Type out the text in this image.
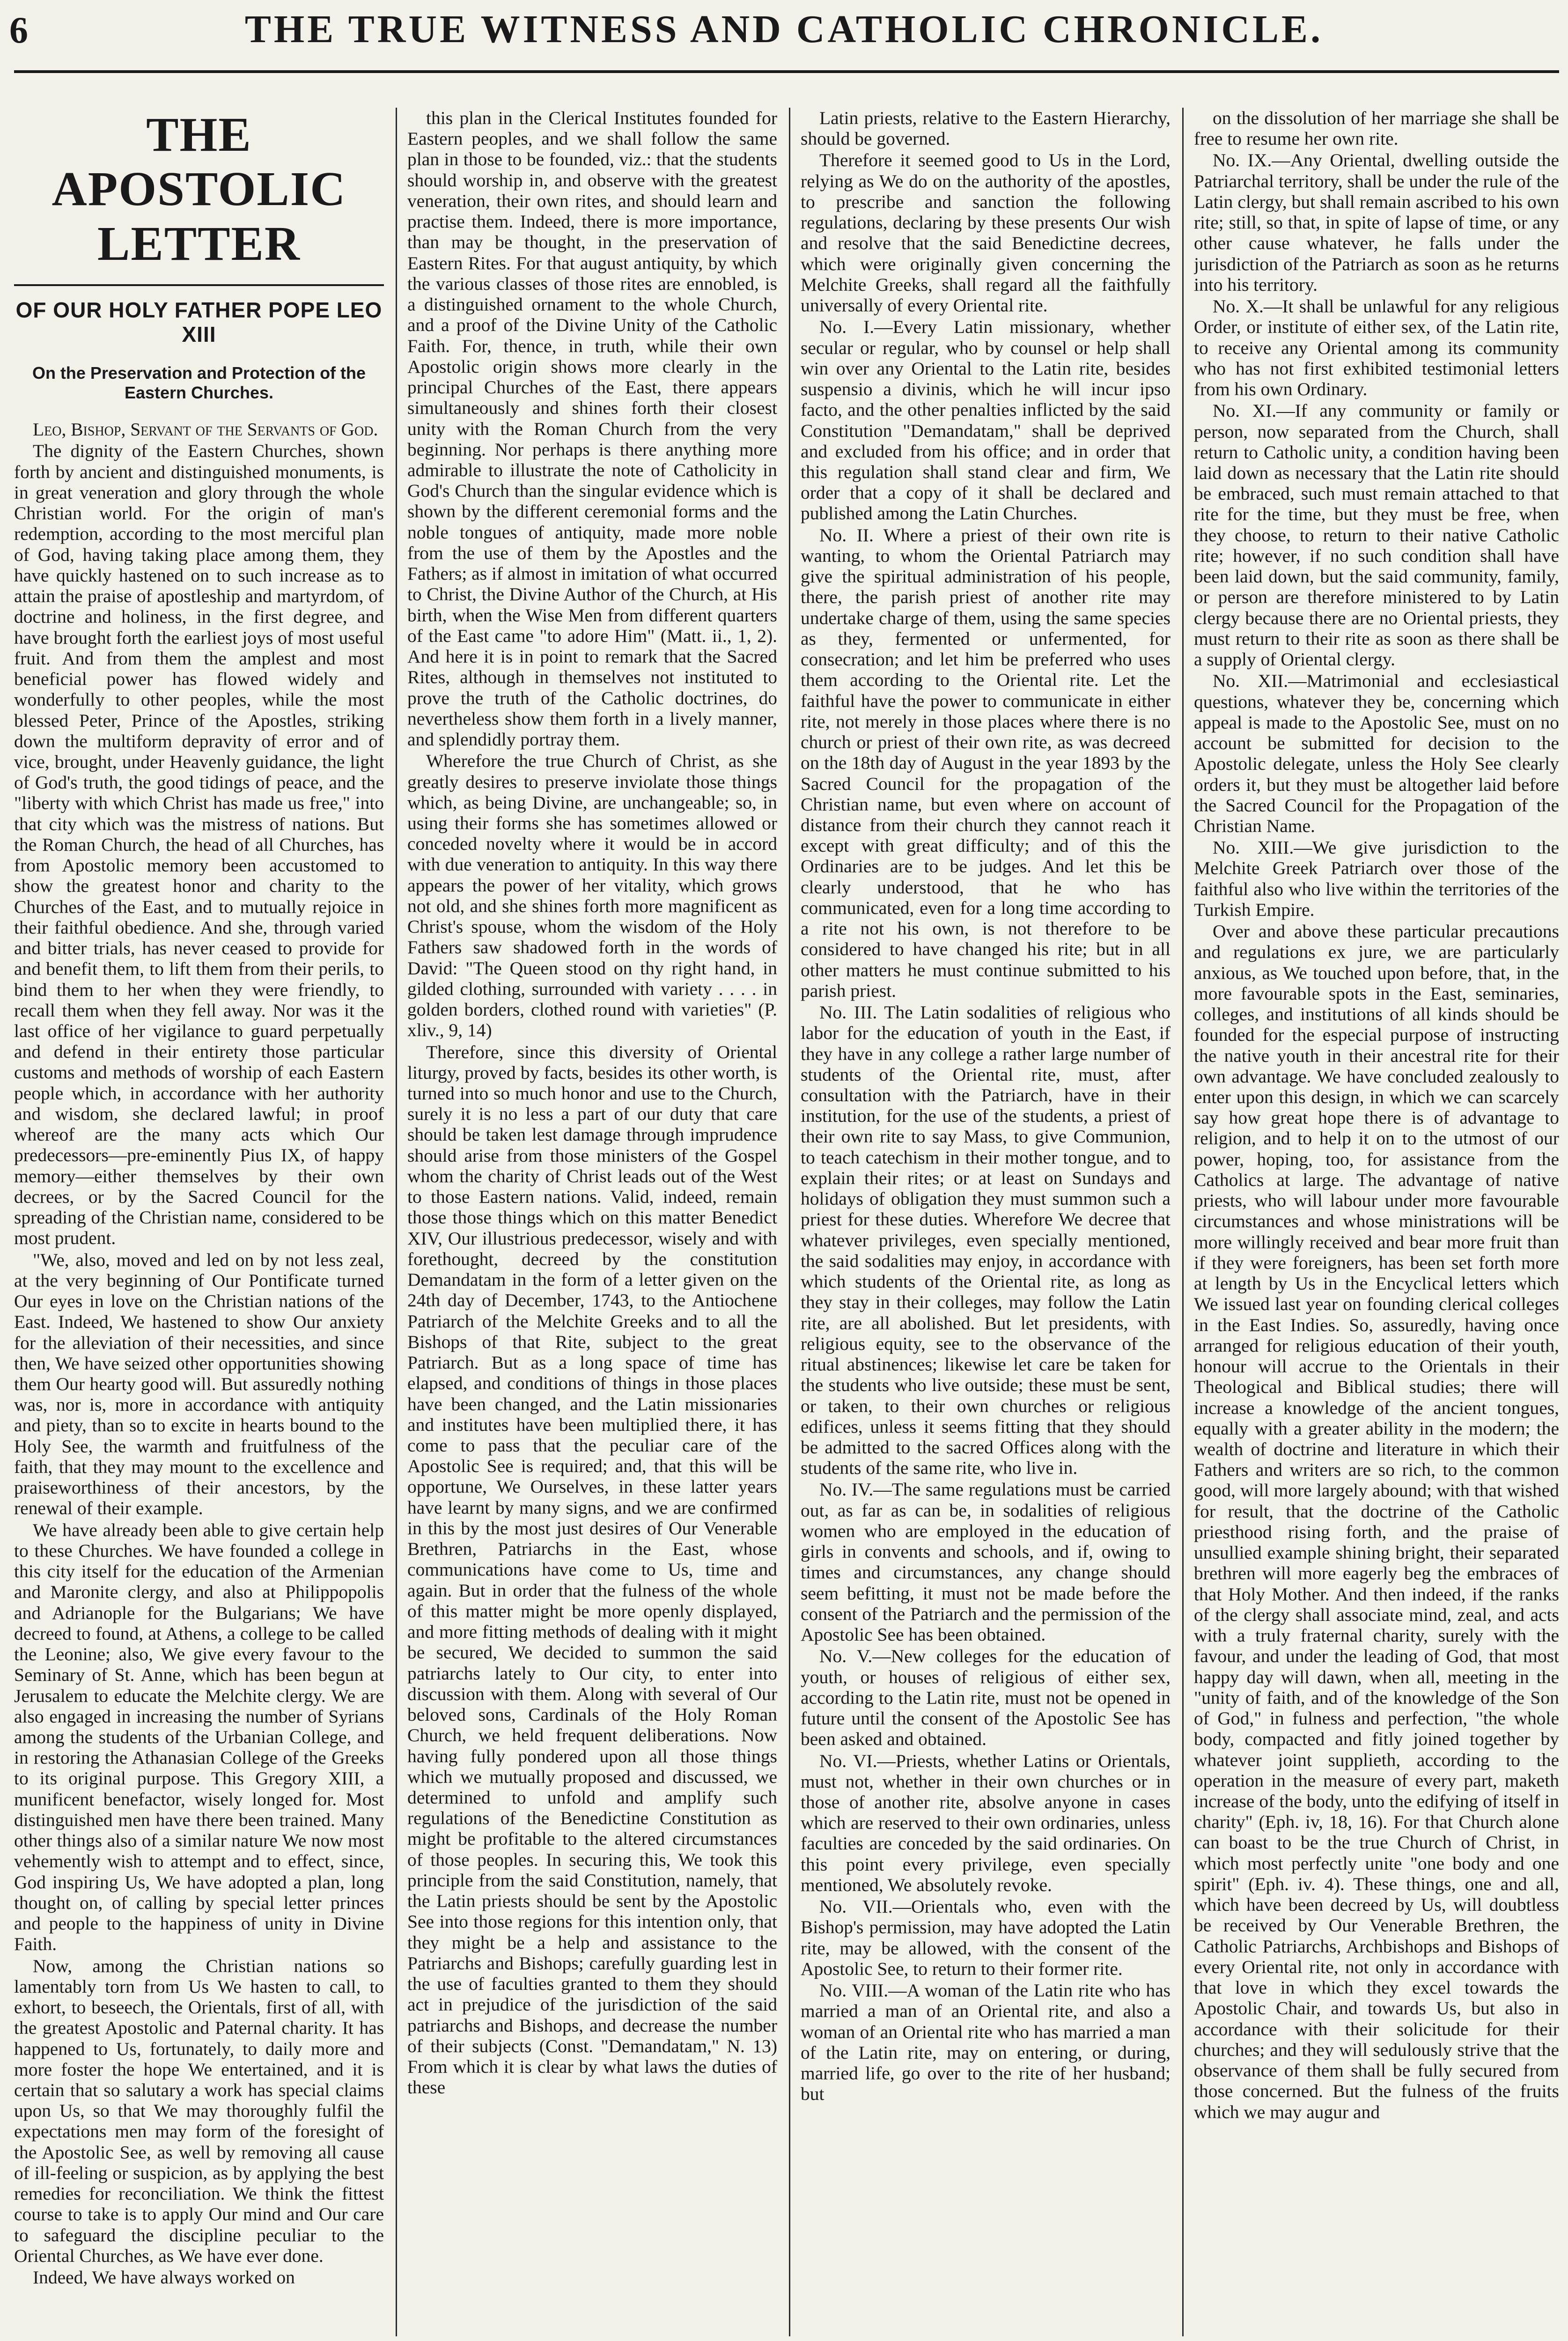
6	THE TRUE WITNESS AND CATHOLIC CHRONICLE.
THE APOSTOLIC LETTER
OF OUR HOLY FATHER POPE LEO XIII
On the Preservation and Protection of the Eastern Churches.

Leo, Bishop, Servant of the Servants of God.

The dignity of the Eastern Churches, shown forth by ancient and distinguished monuments, is in great veneration and glory through the whole Christian world. For the origin of man's redemption, according to the most merciful plan of God, having taking place among them, they have quickly hastened on to such increase as to attain the praise of apostleship and martyrdom, of doctrine and holiness, in the first degree, and have brought forth the earliest joys of most useful fruit. And from them the amplest and most beneficial power has flowed widely and wonderfully to other peoples, while the most blessed Peter, Prince of the Apostles, striking down the multiform depravity of error and of vice, brought, under Heavenly guidance, the light of God's truth, the good tidings of peace, and the "liberty with which Christ has made us free," into that city which was the mistress of nations. But the Roman Church, the head of all Churches, has from Apostolic memory been accustomed to show the greatest honor and charity to the Churches of the East, and to mutually rejoice in their faithful obedience. And she, through varied and bitter trials, has never ceased to provide for and benefit them, to lift them from their perils, to bind them to her when they were friendly, to recall them when they fell away. Nor was it the last office of her vigilance to guard perpetually and defend in their entirety those particular customs and methods of worship of each Eastern people which, in accordance with her authority and wisdom, she declared lawful; in proof whereof are the many acts which Our predecessors—pre-eminently Pius IX, of happy memory—either themselves by their own decrees, or by the Sacred Council for the spreading of the Christian name, considered to be most prudent.

"We, also, moved and led on by not less zeal, at the very beginning of Our Pontificate turned Our eyes in love on the Christian nations of the East. Indeed, We hastened to show Our anxiety for the alleviation of their necessities, and since then, We have seized other opportunities showing them Our hearty good will. But assuredly nothing was, nor is, more in accordance with antiquity and piety, than so to excite in hearts bound to the Holy See, the warmth and fruitfulness of the faith, that they may mount to the excellence and praiseworthiness of their ancestors, by the renewal of their example.

We have already been able to give certain help to these Churches. We have founded a college in this city itself for the education of the Armenian and Maronite clergy, and also at Philippopolis and Adrianople for the Bulgarians; We have decreed to found, at Athens, a college to be called the Leonine; also, We give every favour to the Seminary of St. Anne, which has been begun at Jerusalem to educate the Melchite clergy. We are also engaged in increasing the number of Syrians among the students of the Urbanian College, and in restoring the Athanasian College of the Greeks to its original purpose. This Gregory XIII, a munificent benefactor, wisely longed for. Most distinguished men have there been trained. Many other things also of a similar nature We now most vehemently wish to attempt and to effect, since, God inspiring Us, We have adopted a plan, long thought on, of calling by special letter princes and people to the happiness of unity in Divine Faith.

Now, among the Christian nations so lamentably torn from Us We hasten to call, to exhort, to beseech, the Orientals, first of all, with the greatest Apostolic and Paternal charity. It has happened to Us, fortunately, to daily more and more foster the hope We entertained, and it is certain that so salutary a work has special claims upon Us, so that We may thoroughly fulfil the expectations men may form of the foresight of the Apostolic See, as well by removing all cause of ill-feeling or suspicion, as by applying the best remedies for reconciliation. We think the fittest course to take is to apply Our mind and Our care to safeguard the discipline peculiar to the Oriental Churches, as We have ever done.

Indeed, We have always worked on

this plan in the Clerical Institutes founded for Eastern peoples, and we shall follow the same plan in those to be founded, viz.: that the students should worship in, and observe with the greatest veneration, their own rites, and should learn and practise them. Indeed, there is more importance, than may be thought, in the preservation of Eastern Rites. For that august antiquity, by which the various classes of those rites are ennobled, is a distinguished ornament to the whole Church, and a proof of the Divine Unity of the Catholic Faith. For, thence, in truth, while their own Apostolic origin shows more clearly in the principal Churches of the East, there appears simultaneously and shines forth their closest unity with the Roman Church from the very beginning. Nor perhaps is there anything more admirable to illustrate the note of Catholicity in God's Church than the singular evidence which is shown by the different ceremonial forms and the noble tongues of antiquity, made more noble from the use of them by the Apostles and the Fathers; as if almost in imitation of what occurred to Christ, the Divine Author of the Church, at His birth, when the Wise Men from different quarters of the East came "to adore Him" (Matt. ii., 1, 2). And here it is in point to remark that the Sacred Rites, although in themselves not instituted to prove the truth of the Catholic doctrines, do nevertheless show them forth in a lively manner, and splendidly portray them.

Wherefore the true Church of Christ, as she greatly desires to preserve inviolate those things which, as being Divine, are unchangeable; so, in using their forms she has sometimes allowed or conceded novelty where it would be in accord with due veneration to antiquity. In this way there appears the power of her vitality, which grows not old, and she shines forth more magnificent as Christ's spouse, whom the wisdom of the Holy Fathers saw shadowed forth in the words of David: "The Queen stood on thy right hand, in gilded clothing, surrounded with variety . . . . in golden borders, clothed round with varieties" (P. xliv., 9, 14)

Therefore, since this diversity of Oriental liturgy, proved by facts, besides its other worth, is turned into so much honor and use to the Church, surely it is no less a part of our duty that care should be taken lest damage through imprudence should arise from those ministers of the Gospel whom the charity of Christ leads out of the West to those Eastern nations. Valid, indeed, remain those those things which on this matter Benedict XIV, Our illustrious predecessor, wisely and with forethought, decreed by the constitution Demandatam in the form of a letter given on the 24th day of December, 1743, to the Antiochene Patriarch of the Melchite Greeks and to all the Bishops of that Rite, subject to the great Patriarch. But as a long space of time has elapsed, and conditions of things in those places have been changed, and the Latin missionaries and institutes have been multiplied there, it has come to pass that the peculiar care of the Apostolic See is required; and, that this will be opportune, We Ourselves, in these latter years have learnt by many signs, and we are confirmed in this by the most just desires of Our Venerable Brethren, Patriarchs in the East, whose communications have come to Us, time and again. But in order that the fulness of the whole of this matter might be more openly displayed, and more fitting methods of dealing with it might be secured, We decided to summon the said patriarchs lately to Our city, to enter into discussion with them. Along with several of Our beloved sons, Cardinals of the Holy Roman Church, we held frequent deliberations. Now having fully pondered upon all those things which we mutually proposed and discussed, we determined to unfold and amplify such regulations of the Benedictine Constitution as might be profitable to the altered circumstances of those peoples. In securing this, We took this principle from the said Constitution, namely, that the Latin priests should be sent by the Apostolic See into those regions for this intention only, that they might be a help and assistance to the Patriarchs and Bishops; carefully guarding lest in the use of faculties granted to them they should act in prejudice of the jurisdiction of the said patriarchs and Bishops, and decrease the number of their subjects (Const. "Demandatam," N. 13) From which it is clear by what laws the duties of these

Latin priests, relative to the Eastern Hierarchy, should be governed.

Therefore it seemed good to Us in the Lord, relying as We do on the authority of the apostles, to prescribe and sanction the following regulations, declaring by these presents Our wish and resolve that the said Benedictine decrees, which were originally given concerning the Melchite Greeks, shall regard all the faithfully universally of every Oriental rite.

No. I.—Every Latin missionary, whether secular or regular, who by counsel or help shall win over any Oriental to the Latin rite, besides suspensio a divinis, which he will incur ipso facto, and the other penalties inflicted by the said Constitution "Demandatam," shall be deprived and excluded from his office; and in order that this regulation shall stand clear and firm, We order that a copy of it shall be declared and published among the Latin Churches.

No. II. Where a priest of their own rite is wanting, to whom the Oriental Patriarch may give the spiritual administration of his people, there, the parish priest of another rite may undertake charge of them, using the same species as they, fermented or unfermented, for consecration; and let him be preferred who uses them according to the Oriental rite. Let the faithful have the power to communicate in either rite, not merely in those places where there is no church or priest of their own rite, as was decreed on the 18th day of August in the year 1893 by the Sacred Council for the propagation of the Christian name, but even where on account of distance from their church they cannot reach it except with great difficulty; and of this the Ordinaries are to be judges. And let this be clearly understood, that he who has communicated, even for a long time according to a rite not his own, is not therefore to be considered to have changed his rite; but in all other matters he must continue submitted to his parish priest.

No. III. The Latin sodalities of religious who labor for the education of youth in the East, if they have in any college a rather large number of students of the Oriental rite, must, after consultation with the Patriarch, have in their institution, for the use of the students, a priest of their own rite to say Mass, to give Communion, to teach catechism in their mother tongue, and to explain their rites; or at least on Sundays and holidays of obligation they must summon such a priest for these duties. Wherefore We decree that whatever privileges, even specially mentioned, the said sodalities may enjoy, in accordance with which students of the Oriental rite, as long as they stay in their colleges, may follow the Latin rite, are all abolished. But let presidents, with religious equity, see to the observance of the ritual abstinences; likewise let care be taken for the students who live outside; these must be sent, or taken, to their own churches or religious edifices, unless it seems fitting that they should be admitted to the sacred Offices along with the students of the same rite, who live in.

No. IV.—The same regulations must be carried out, as far as can be, in sodalities of religious women who are employed in the education of girls in convents and schools, and if, owing to times and circumstances, any change should seem befitting, it must not be made before the consent of the Patriarch and the permission of the Apostolic See has been obtained.

No. V.—New colleges for the education of youth, or houses of religious of either sex, according to the Latin rite, must not be opened in future until the consent of the Apostolic See has been asked and obtained.

No. VI.—Priests, whether Latins or Orientals, must not, whether in their own churches or in those of another rite, absolve anyone in cases which are reserved to their own ordinaries, unless faculties are conceded by the said ordinaries. On this point every privilege, even specially mentioned, We absolutely revoke.

No. VII.—Orientals who, even with the Bishop's permission, may have adopted the Latin rite, may be allowed, with the consent of the Apostolic See, to return to their former rite.

No. VIII.—A woman of the Latin rite who has married a man of an Oriental rite, and also a woman of an Oriental rite who has married a man of the Latin rite, may on entering, or during, married life, go over to the rite of her husband; but

on the dissolution of her marriage she shall be free to resume her own rite.

No. IX.—Any Oriental, dwelling outside the Patriarchal territory, shall be under the rule of the Latin clergy, but shall remain ascribed to his own rite; still, so that, in spite of lapse of time, or any other cause whatever, he falls under the jurisdiction of the Patriarch as soon as he returns into his territory.

No. X.—It shall be unlawful for any religious Order, or institute of either sex, of the Latin rite, to receive any Oriental among its community who has not first exhibited testimonial letters from his own Ordinary.

No. XI.—If any community or family or person, now separated from the Church, shall return to Catholic unity, a condition having been laid down as necessary that the Latin rite should be embraced, such must remain attached to that rite for the time, but they must be free, when they choose, to return to their native Catholic rite; however, if no such condition shall have been laid down, but the said community, family, or person are therefore ministered to by Latin clergy because there are no Oriental priests, they must return to their rite as soon as there shall be a supply of Oriental clergy.

No. XII.—Matrimonial and ecclesiastical questions, whatever they be, concerning which appeal is made to the Apostolic See, must on no account be submitted for decision to the Apostolic delegate, unless the Holy See clearly orders it, but they must be altogether laid before the Sacred Council for the Propagation of the Christian Name.

No. XIII.—We give jurisdiction to the Melchite Greek Patriarch over those of the faithful also who live within the territories of the Turkish Empire.

Over and above these particular precautions and regulations ex jure, we are particularly anxious, as We touched upon before, that, in the more favourable spots in the East, seminaries, colleges, and institutions of all kinds should be founded for the especial purpose of instructing the native youth in their ancestral rite for their own advantage. We have concluded zealously to enter upon this design, in which we can scarcely say how great hope there is of advantage to religion, and to help it on to the utmost of our power, hoping, too, for assistance from the Catholics at large. The advantage of native priests, who will labour under more favourable circumstances and whose ministrations will be more willingly received and bear more fruit than if they were foreigners, has been set forth more at length by Us in the Encyclical letters which We issued last year on founding clerical colleges in the East Indies. So, assuredly, having once arranged for religious education of their youth, honour will accrue to the Orientals in their Theological and Biblical studies; there will increase a knowledge of the ancient tongues, equally with a greater ability in the modern; the wealth of doctrine and literature in which their Fathers and writers are so rich, to the common good, will more largely abound; with that wished for result, that the doctrine of the Catholic priesthood rising forth, and the praise of unsullied example shining bright, their separated brethren will more eagerly beg the embraces of that Holy Mother. And then indeed, if the ranks of the clergy shall associate mind, zeal, and acts with a truly fraternal charity, surely with the favour, and under the leading of God, that most happy day will dawn, when all, meeting in the "unity of faith, and of the knowledge of the Son of God," in fulness and perfection, "the whole body, compacted and fitly joined together by whatever joint supplieth, according to the operation in the measure of every part, maketh increase of the body, unto the edifying of itself in charity" (Eph. iv, 18, 16). For that Church alone can boast to be the true Church of Christ, in which most perfectly unite "one body and one spirit" (Eph. iv. 4). These things, one and all, which have been decreed by Us, will doubtless be received by Our Venerable Brethren, the Catholic Patriarchs, Archbishops and Bishops of every Oriental rite, not only in accordance with that love in which they excel towards the Apostolic Chair, and towards Us, but also in accordance with their solicitude for their churches; and they will sedulously strive that the observance of them shall be fully secured from those concerned. But the fulness of the fruits which we may augur and
